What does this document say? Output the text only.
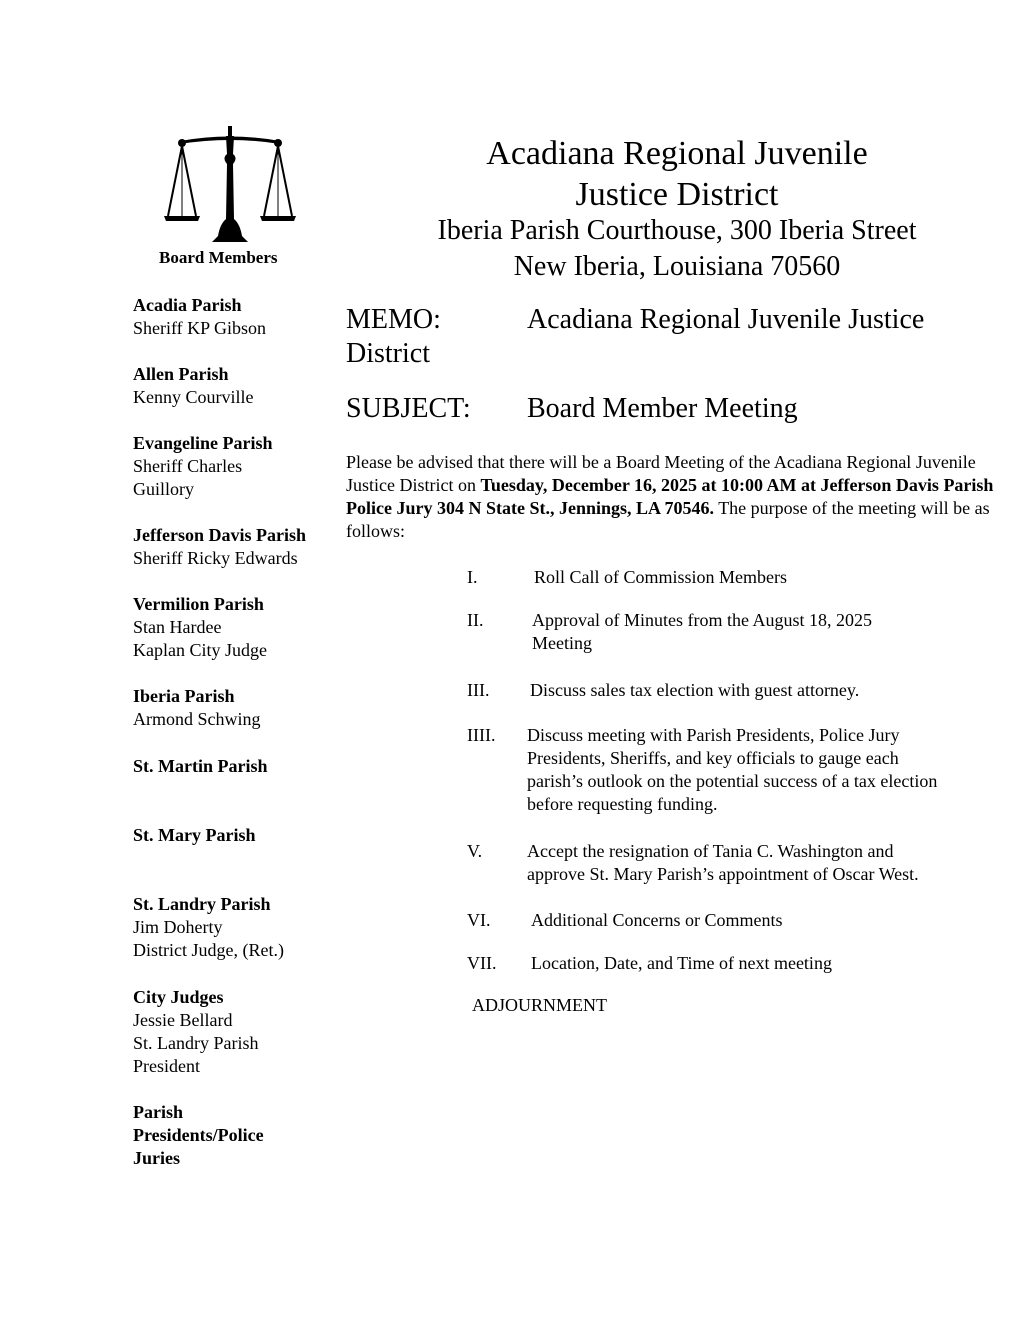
Board Members
Acadia Parish
Sheriff KP Gibson
Allen Parish
Kenny Courville
Evangeline Parish
Sheriff Charles
Guillory
Jefferson Davis Parish
Sheriff Ricky Edwards
Vermilion Parish
Stan Hardee
Kaplan City Judge
Iberia Parish
Armond Schwing
St. Martin Parish
St. Mary Parish
St. Landry Parish
Jim Doherty
District Judge, (Ret.)
City Judges
Jessie Bellard
St. Landry Parish
President
Parish
Presidents/Police
Juries
Acadiana Regional Juvenile
Justice District
Iberia Parish Courthouse, 300 Iberia Street
New Iberia, Louisiana 70560
MEMO:	Acadiana Regional Juvenile Justice
District
SUBJECT: Board Member Meeting
Please be advised that there will be a Board Meeting of the Acadiana Regional Juvenile Justice District on Tuesday, December 16, 2025 at 10:00 AM at Jefferson Davis Parish Police Jury 304 N State St., Jennings, LA 70546. The purpose of the meeting will be as follows:
I.	Roll Call of Commission Members
II.	Approval of Minutes from the August 18, 2025
Meeting
III. Discuss sales tax election with guest attorney.
IIII. Discuss meeting with Parish Presidents, Police Jury
Presidents, Sheriffs, and key officials to gauge each
parish’s outlook on the potential success of a tax election
before requesting funding.
V. Accept the resignation of Tania C. Washington and
approve St. Mary Parish’s appointment of Oscar West.
VI. Additional Concerns or Comments
VII. Location, Date, and Time of next meeting
ADJOURNMENT
